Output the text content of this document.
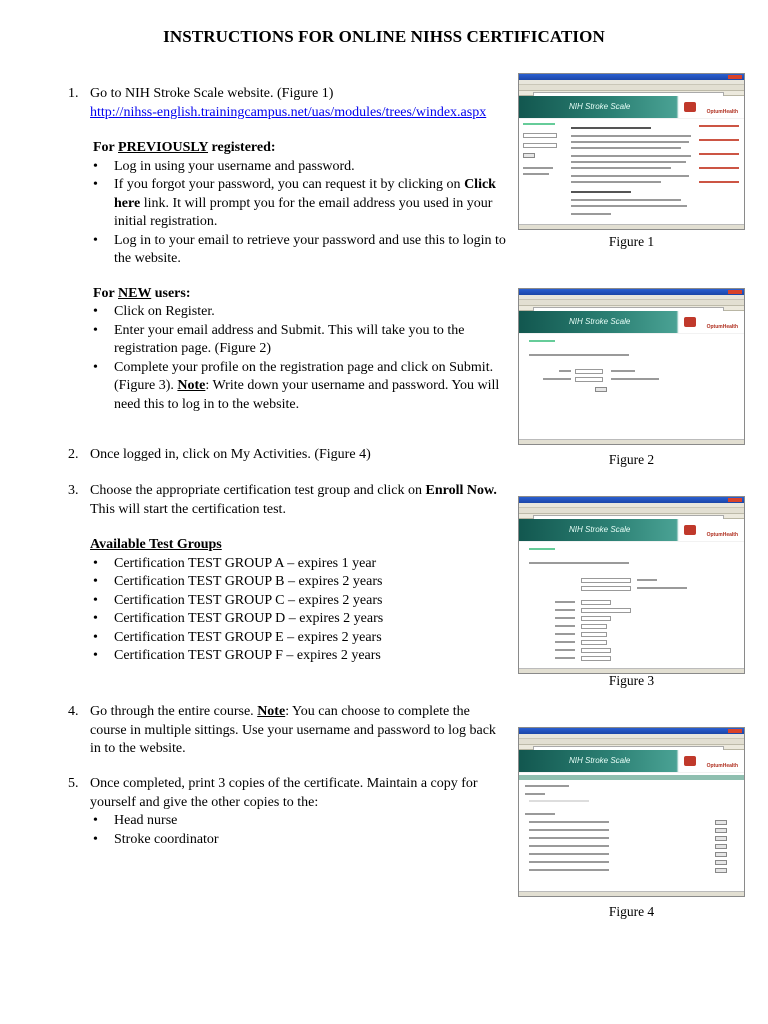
INSTRUCTIONS FOR ONLINE NIHSS CERTIFICATION
1. Go to NIH Stroke Scale website. (Figure 1)
http://nihss-english.trainingcampus.net/uas/modules/trees/windex.aspx
For PREVIOUSLY registered:
• Log in using your username and password.
• If you forgot your password, you can request it by clicking on Click here link. It will prompt you for the email address you used in your initial registration.
• Log in to your email to retrieve your password and use this to login to the website.
For NEW users:
• Click on Register.
• Enter your email address and Submit. This will take you to the registration page. (Figure 2)
• Complete your profile on the registration page and click on Submit. (Figure 3). Note: Write down your username and password. You will need this to log in to the website.
2. Once logged in, click on My Activities. (Figure 4)
3. Choose the appropriate certification test group and click on Enroll Now. This will start the certification test.
Available Test Groups
• Certification TEST GROUP A – expires 1 year
• Certification TEST GROUP B – expires 2 years
• Certification TEST GROUP C – expires 2 years
• Certification TEST GROUP D – expires 2 years
• Certification TEST GROUP E – expires 2 years
• Certification TEST GROUP F – expires 2 years
4. Go through the entire course. Note: You can choose to complete the course in multiple sittings. Use your username and password to log back in to the website.
5. Once completed, print 3 copies of the certificate. Maintain a copy for yourself and give the other copies to the:
• Head nurse
• Stroke coordinator
NIH Stroke Scale
OptumHealth
Figure 1
NIH Stroke Scale
OptumHealth
Figure 2
NIH Stroke Scale
OptumHealth
Figure 3
NIH Stroke Scale
OptumHealth
Figure 4
